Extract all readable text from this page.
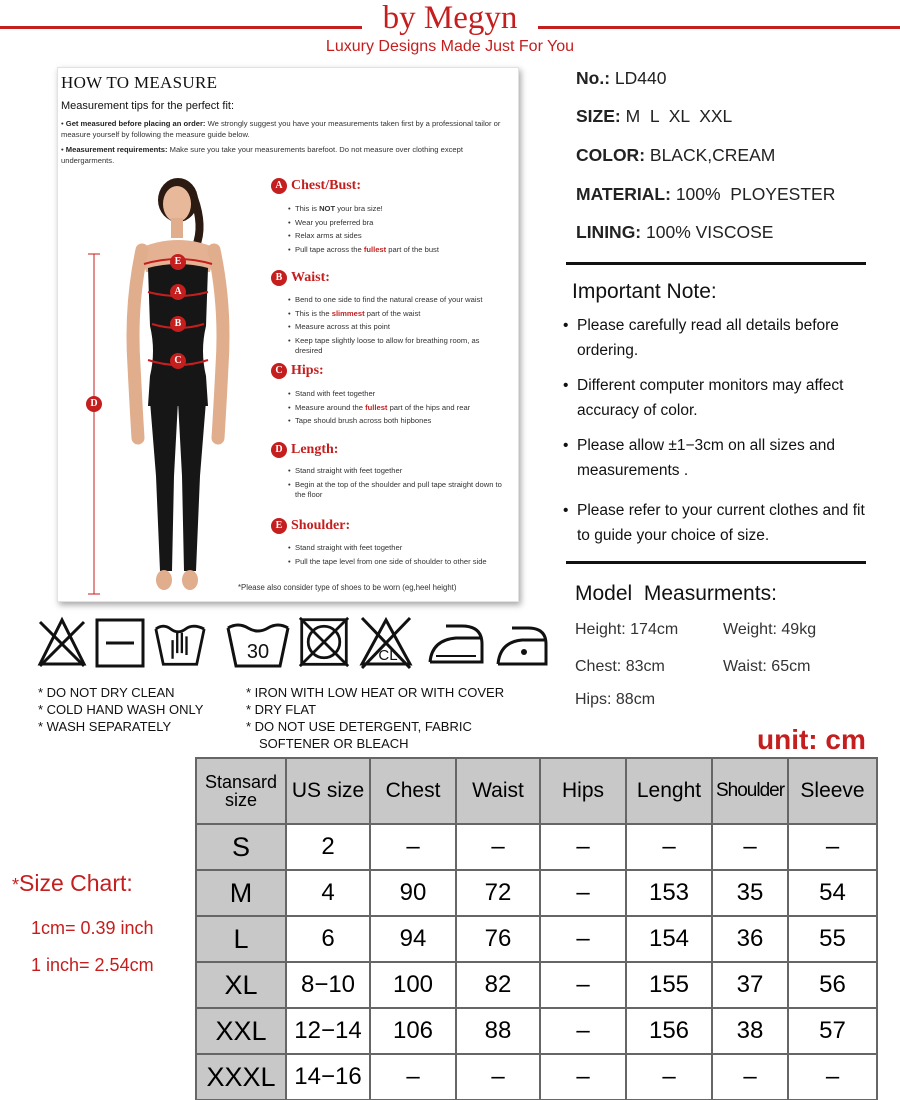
by Megyn
Luxury Designs Made Just For You
HOW TO MEASURE
Measurement tips for the perfect fit:
• Get measured before placing an order: We strongly suggest you have your measurements taken first by a professional tailor or measure yourself by following the measure guide below.
• Measurement requirements: Make sure you take your measurements barefoot. Do not measure over clothing except undergarments.
E
A
B
C
D
A Chest/Bust:
• This is NOT your bra size!
• Wear you preferred bra
• Relax arms at sides
• Pull tape across the fullest part of the bust
B Waist:
• Bend to one side to find the natural crease of your waist
• This is the slimmest part of the waist
• Measure across at this point
• Keep tape slightly loose to allow for breathing room, as dresired
C Hips:
• Stand with feet together
• Measure around the fullest part of the hips and rear
• Tape should brush across both hipbones
D Length:
• Stand straight with feet together
• Begin at the top of the shoulder and pull tape straight down to the floor
E Shoulder:
• Stand straight with feet together
• Pull the tape level from one side of shoulder to other side
*Please also consider type of shoes to be worn (eg,heel height)
No.: LD440
SIZE: M  L  XL  XXL
COLOR: BLACK,CREAM
MATERIAL: 100%  PLOYESTER
LINING: 100% VISCOSE
Important Note:
• Please carefully read all details before ordering.
• Different computer monitors may affect accuracy of color.
• Please allow ±1−3cm on all sizes and measurements .
• Please refer to your current clothes and fit to guide your choice of size.
Model  Measurments:
Height: 174cm	Weight: 49kg
Chest: 83cm	Waist: 65cm
Hips: 88cm
30	CL
* DO NOT DRY CLEAN
* COLD HAND WASH ONLY
* WASH SEPARATELY
* IRON WITH LOW HEAT OR WITH COVER
* DRY FLAT
* DO NOT USE DETERGENT, FABRIC
SOFTENER OR BLEACH	unit: cm
*Size Chart:
1cm= 0.39 inch
1 inch= 2.54cm
Stansard size	US size	Chest	Waist	Hips	Lenght	Shoulder	Sleeve
S	2	–	–	–	–	–	–
M	4	90	72	–	153	35	54
L	6	94	76	–	154	36	55
XL	8−10	100	82	–	155	37	56
XXL	12−14	106	88	–	156	38	57
XXXL	14−16	–	–	–	–	–	–
